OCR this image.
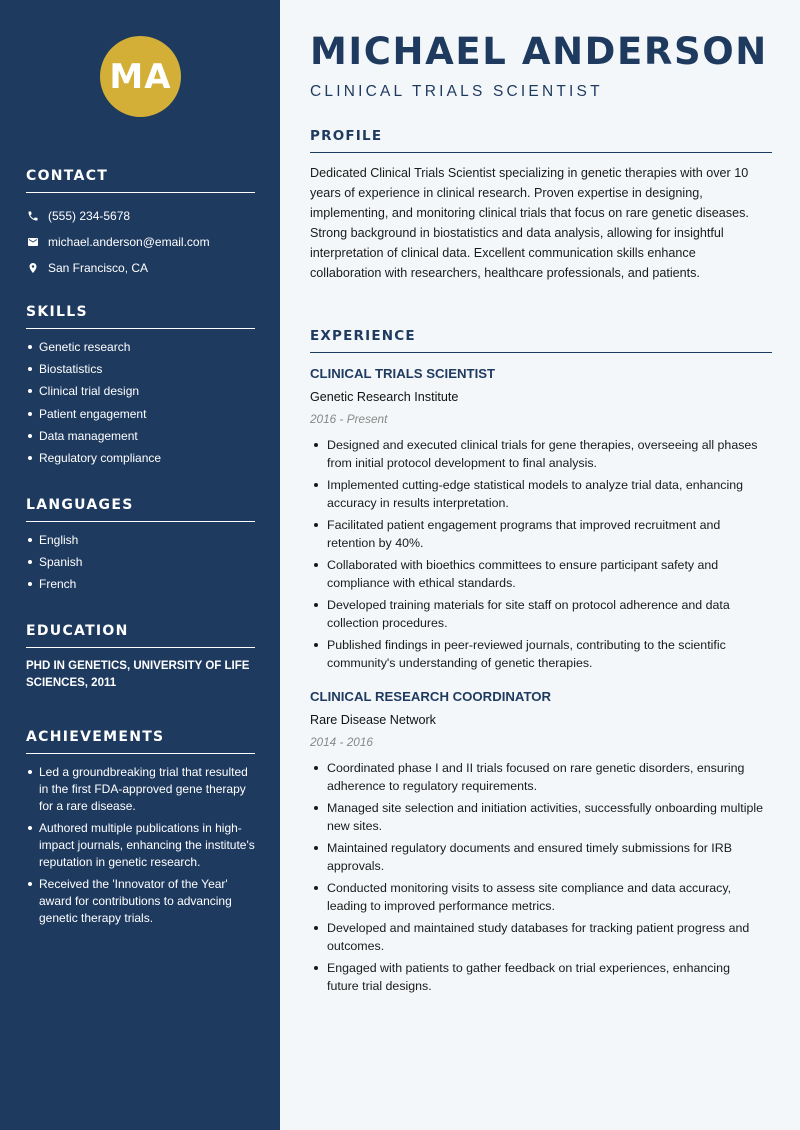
MA
CONTACT
(555) 234-5678
michael.anderson@email.com
San Francisco, CA
SKILLS
Genetic research
Biostatistics
Clinical trial design
Patient engagement
Data management
Regulatory compliance
LANGUAGES
English
Spanish
French
EDUCATION
PHD IN GENETICS, UNIVERSITY OF LIFE SCIENCES, 2011
ACHIEVEMENTS
Led a groundbreaking trial that resulted in the first FDA-approved gene therapy for a rare disease.
Authored multiple publications in high-impact journals, enhancing the institute's reputation in genetic research.
Received the 'Innovator of the Year' award for contributions to advancing genetic therapy trials.
MICHAEL ANDERSON
CLINICAL TRIALS SCIENTIST
PROFILE

Dedicated Clinical Trials Scientist specializing in genetic therapies with over 10 years of experience in clinical research. Proven expertise in designing, implementing, and monitoring clinical trials that focus on rare genetic diseases. Strong background in biostatistics and data analysis, allowing for insightful interpretation of clinical data. Excellent communication skills enhance collaboration with researchers, healthcare professionals, and patients.

EXPERIENCE
CLINICAL TRIALS SCIENTIST
Genetic Research Institute
2016 - Present
Designed and executed clinical trials for gene therapies, overseeing all phases from initial protocol development to final analysis.
Implemented cutting-edge statistical models to analyze trial data, enhancing accuracy in results interpretation.
Facilitated patient engagement programs that improved recruitment and retention by 40%.
Collaborated with bioethics committees to ensure participant safety and compliance with ethical standards.
Developed training materials for site staff on protocol adherence and data collection procedures.
Published findings in peer-reviewed journals, contributing to the scientific community's understanding of genetic therapies.
CLINICAL RESEARCH COORDINATOR
Rare Disease Network
2014 - 2016
Coordinated phase I and II trials focused on rare genetic disorders, ensuring adherence to regulatory requirements.
Managed site selection and initiation activities, successfully onboarding multiple new sites.
Maintained regulatory documents and ensured timely submissions for IRB approvals.
Conducted monitoring visits to assess site compliance and data accuracy, leading to improved performance metrics.
Developed and maintained study databases for tracking patient progress and outcomes.
Engaged with patients to gather feedback on trial experiences, enhancing future trial designs.
